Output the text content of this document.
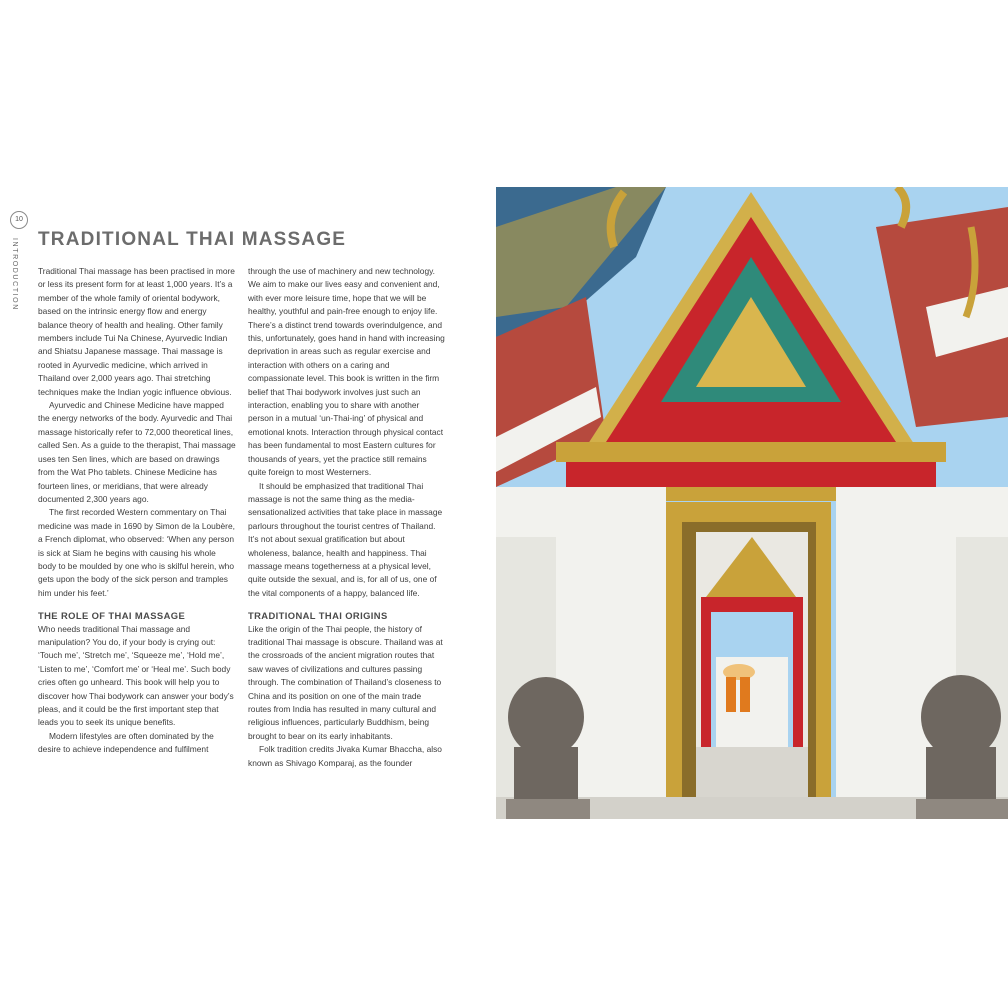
10
INTRODUCTION TRADITIONAL THAI MASSAGE

Traditional Thai massage has been practised in more or less its present form for at least 1,000 years. It’s a member of the whole family of oriental bodywork, based on the intrinsic energy flow and energy balance theory of health and healing. Other family members include Tui Na Chinese, Ayurvedic Indian and Shiatsu Japanese massage. Thai massage is rooted in Ayurvedic medicine, which arrived in Thailand over 2,000 years ago. Thai stretching techniques make the Indian yogic influence obvious.

Ayurvedic and Chinese Medicine have mapped the energy networks of the body. Ayurvedic and Thai massage historically refer to 72,000 theoretical lines, called Sen. As a guide to the therapist, Thai massage uses ten Sen lines, which are based on drawings from the Wat Pho tablets. Chinese Medicine has fourteen lines, or meridians, that were already documented 2,300 years ago.

The first recorded Western commentary on Thai medicine was made in 1690 by Simon de la Loubère, a French diplomat, who observed: ‘When any person is sick at Siam he begins with causing his whole body to be moulded by one who is skilful herein, who gets upon the body of the sick person and tramples him under his feet.’

THE ROLE OF THAI MASSAGE

Who needs traditional Thai massage and manipulation? You do, if your body is crying out: ‘Touch me’, ‘Stretch me’, ‘Squeeze me’, ‘Hold me’, ‘Listen to me’, ‘Comfort me’ or ‘Heal me’. Such body cries often go unheard. This book will help you to discover how Thai bodywork can answer your body’s pleas, and it could be the first important step that leads you to seek its unique benefits.

Modern lifestyles are often dominated by the desire to achieve independence and fulfilment

through the use of machinery and new technology. We aim to make our lives easy and convenient and, with ever more leisure time, hope that we will be healthy, youthful and pain-free enough to enjoy life. There’s a distinct trend towards overindulgence, and this, unfortunately, goes hand in hand with increasing deprivation in areas such as regular exercise and interaction with others on a caring and compassionate level. This book is written in the firm belief that Thai bodywork involves just such an interaction, enabling you to share with another person in a mutual ‘un-Thai-ing’ of physical and emotional knots. Interaction through physical contact has been fundamental to most Eastern cultures for thousands of years, yet the practice still remains quite foreign to most Westerners.

It should be emphasized that traditional Thai massage is not the same thing as the media-sensationalized activities that take place in massage parlours throughout the tourist centres of Thailand. It’s not about sexual gratification but about wholeness, balance, health and happiness. Thai massage means togetherness at a physical level, quite outside the sexual, and is, for all of us, one of the vital components of a happy, balanced life.

TRADITIONAL THAI ORIGINS

Like the origin of the Thai people, the history of traditional Thai massage is obscure. Thailand was at the crossroads of the ancient migration routes that saw waves of civilizations and cultures passing through. The combination of Thailand’s closeness to China and its position on one of the main trade routes from India has resulted in many cultural and religious influences, particularly Buddhism, being brought to bear on its early inhabitants.

Folk tradition credits Jivaka Kumar Bhaccha, also known as Shivago Komparaj, as the founder
